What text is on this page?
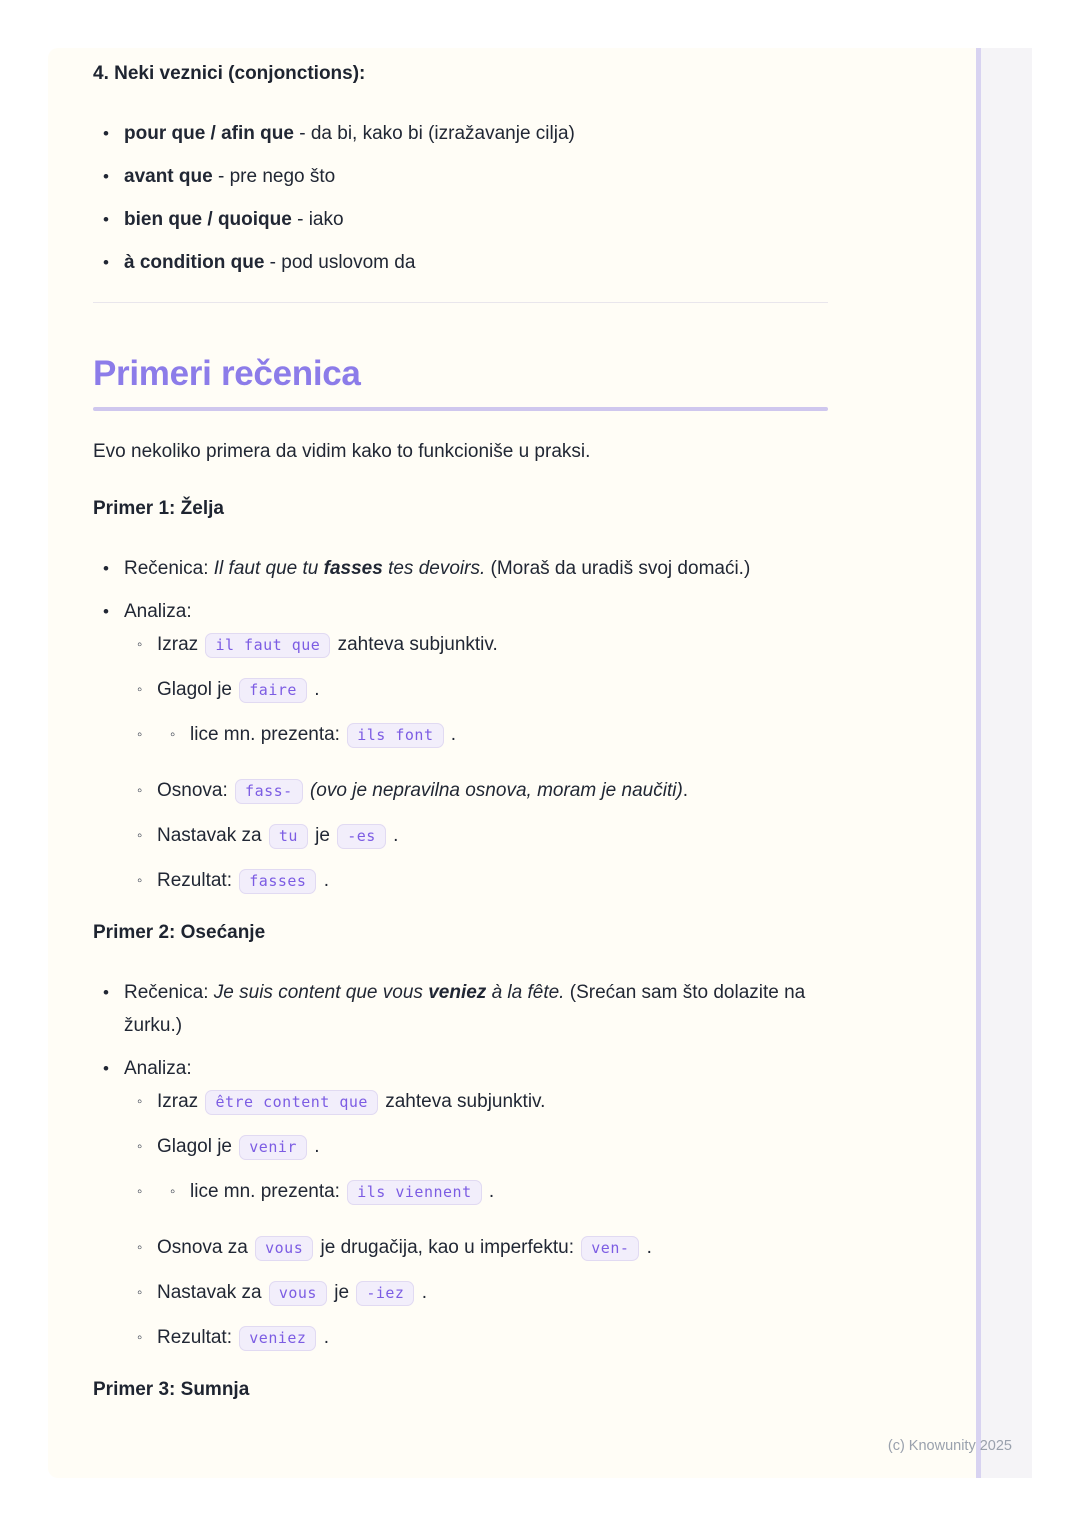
4. Neki veznici (conjonctions):
• pour que / afin que - da bi, kako bi (izražavanje cilja)
• avant que - pre nego što
• bien que / quoique - iako
• à condition que - pod uslovom da
Primeri rečenica

Evo nekoliko primera da vidim kako to funkcioniše u praksi.

Primer 1: Želja
• Rečenica: Il faut que tu fasses tes devoirs. (Moraš da uradiš svoj domaći.)
• Analiza:
◦ Izraz il faut que zahteva subjunktiv.
◦ Glagol je faire .
◦ ◦ lice mn. prezenta: ils font .
◦ Osnova: fass- (ovo je nepravilna osnova, moram je naučiti).
◦ Nastavak za tu je -es .
◦ Rezultat: fasses .
Primer 2: Osećanje
• Rečenica: Je suis content que vous veniez à la fête. (Srećan sam što dolazite na žurku.)
• Analiza:
◦ Izraz être content que zahteva subjunktiv.
◦ Glagol je venir .
◦ ◦ lice mn. prezenta: ils viennent .
◦ Osnova za vous je drugačija, kao u imperfektu: ven- .
◦ Nastavak za vous je -iez .
◦ Rezultat: veniez .
Primer 3: Sumnja
(c) Knowunity 2025
